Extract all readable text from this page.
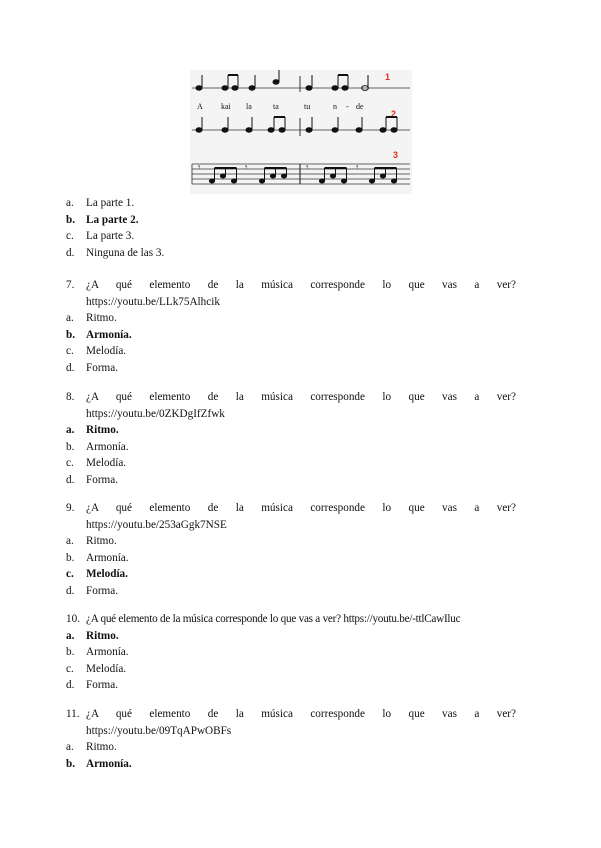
1
A kai la	ta	tu	n - de
2
3
𝄾	𝄾	𝄾	𝄾
a.	La parte 1.
b. La parte 2.
c.	La parte 3.
d.	Ninguna de las 3.
7. ¿A qué elemento de la música corresponde lo que vas a ver?
https://youtu.be/LLk75Alhcik
a.	Ritmo.
b. Armonía.
c.	Melodía.
d.	Forma.
8. ¿A qué elemento de la música corresponde lo que vas a ver?
https://youtu.be/0ZKDgIfZfwk
a.	Ritmo.
b.	Armonía.
c.	Melodía.
d.	Forma.
9. ¿A qué elemento de la música corresponde lo que vas a ver?
https://youtu.be/253aGgk7NSE
a.	Ritmo.
b.	Armonía.
c.	Melodía.
d.	Forma.
10. ¿A qué elemento de la música corresponde lo que vas a ver? https://youtu.be/-ttlCawIluc
a.	Ritmo.
b.	Armonía.
c.	Melodía.
d.	Forma.
11. ¿A qué elemento de la música corresponde lo que vas a ver?
https://youtu.be/09TqAPwOBFs
a.	Ritmo.
b. Armonía.
